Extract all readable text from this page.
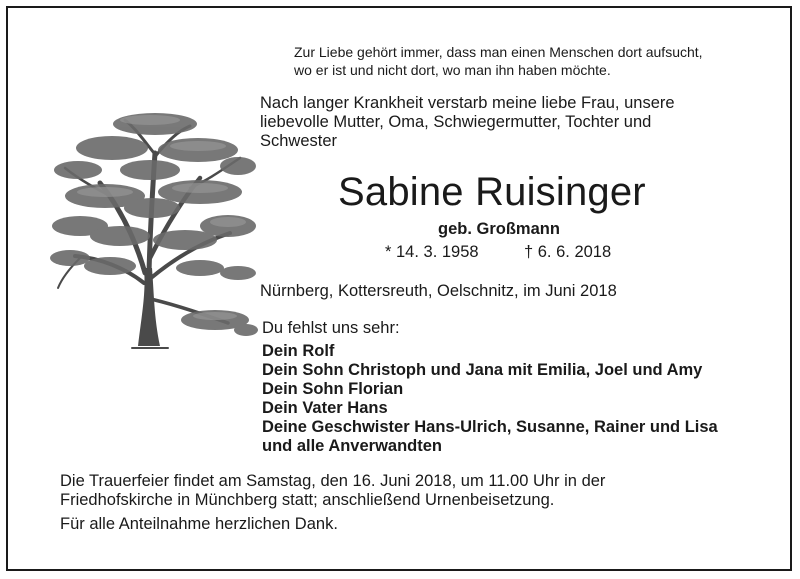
Zur Liebe gehört immer, dass man einen Menschen dort aufsucht,
wo er ist und nicht dort, wo man ihn haben möchte.
Nach langer Krankheit verstarb meine liebe Frau, unsere
liebevolle Mutter, Oma, Schwiegermutter, Tochter und
Schwester
Sabine Ruisinger
geb. Großmann
* 14. 3. 1958	† 6. 6. 2018
Nürnberg, Kottersreuth, Oelschnitz, im Juni 2018
Du fehlst uns sehr:
Dein Rolf
Dein Sohn Christoph und Jana mit Emilia, Joel und Amy
Dein Sohn Florian
Dein Vater Hans
Deine Geschwister Hans-Ulrich, Susanne, Rainer und Lisa
und alle Anverwandten
Die Trauerfeier findet am Samstag, den 16. Juni 2018, um 11.00 Uhr in der
Friedhofskirche in Münchberg statt; anschließend Urnenbeisetzung.
Für alle Anteilnahme herzlichen Dank.
